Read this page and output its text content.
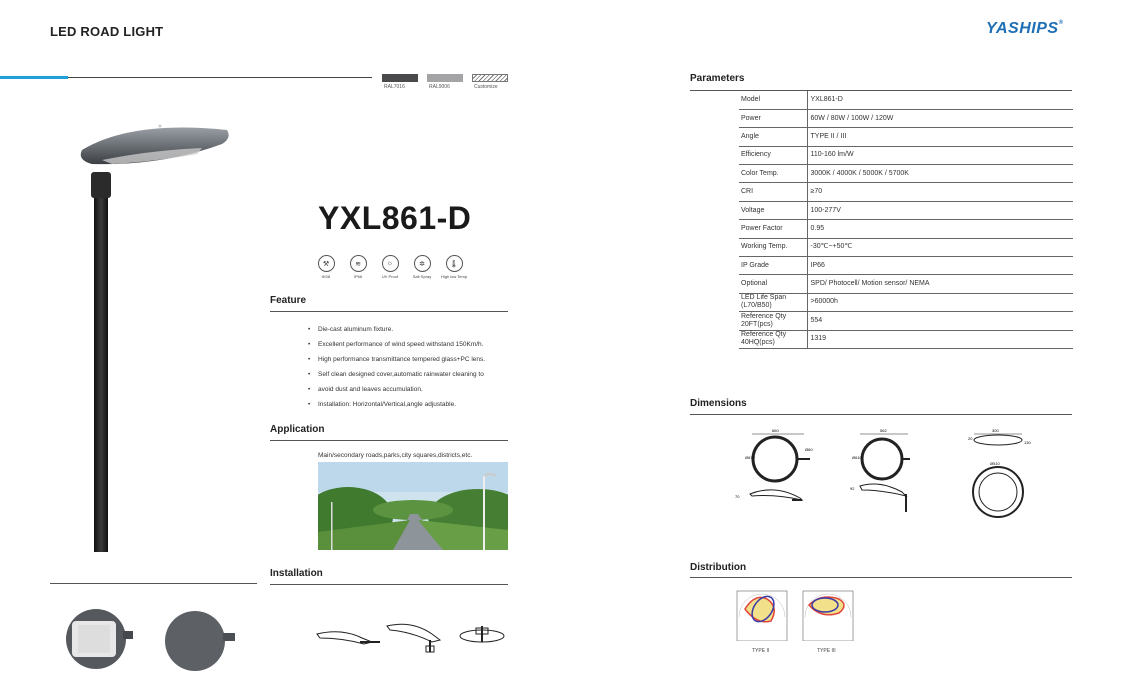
LED ROAD LIGHT	YASHIPS®
RAL7016	RAL9006	Customize
YXL861-D
⚒
IK08
≋
IP66
☼
UV Proof
✲
Salt Spray
🌡
High low Temp
Feature
• Die-cast aluminum fixture.
• Excellent performance of wind speed withstand 150Km/h.
• High performance transmittance tempered glass+PC lens.
• Self clean designed cover,automatic rainwater cleaning to
• avoid dust and leaves accumulation.
• Installation: Horizontal/Vertical,angle adjustable.
Application
Main/secondary roads,parks,city squares,districts,etc.
Installation
Parameters
Model	YXL861-D
Power	60W / 80W / 100W / 120W
Angle	TYPE II / III
Efficiency	110-160 lm/W
Color Temp.	3000K / 4000K / 5000K / 5700K
CRI	≥70
Voltage	100-277V
Power Factor	0.95
Working Temp.	-30℃~+50℃
IP Grade	IP66
Optional	SPD/ Photocell/ Motion sensor/ NEMA
LED Life Span (L70/B50)	>60000h
Reference Qty 20FT(pcs)	554
Reference Qty 40HQ(pcs)	1319
Dimensions
660
Ø610
Ø60
70
562
Ø610
92
300
130
20
Ø510
Distribution
TYPE II	TYPE III
